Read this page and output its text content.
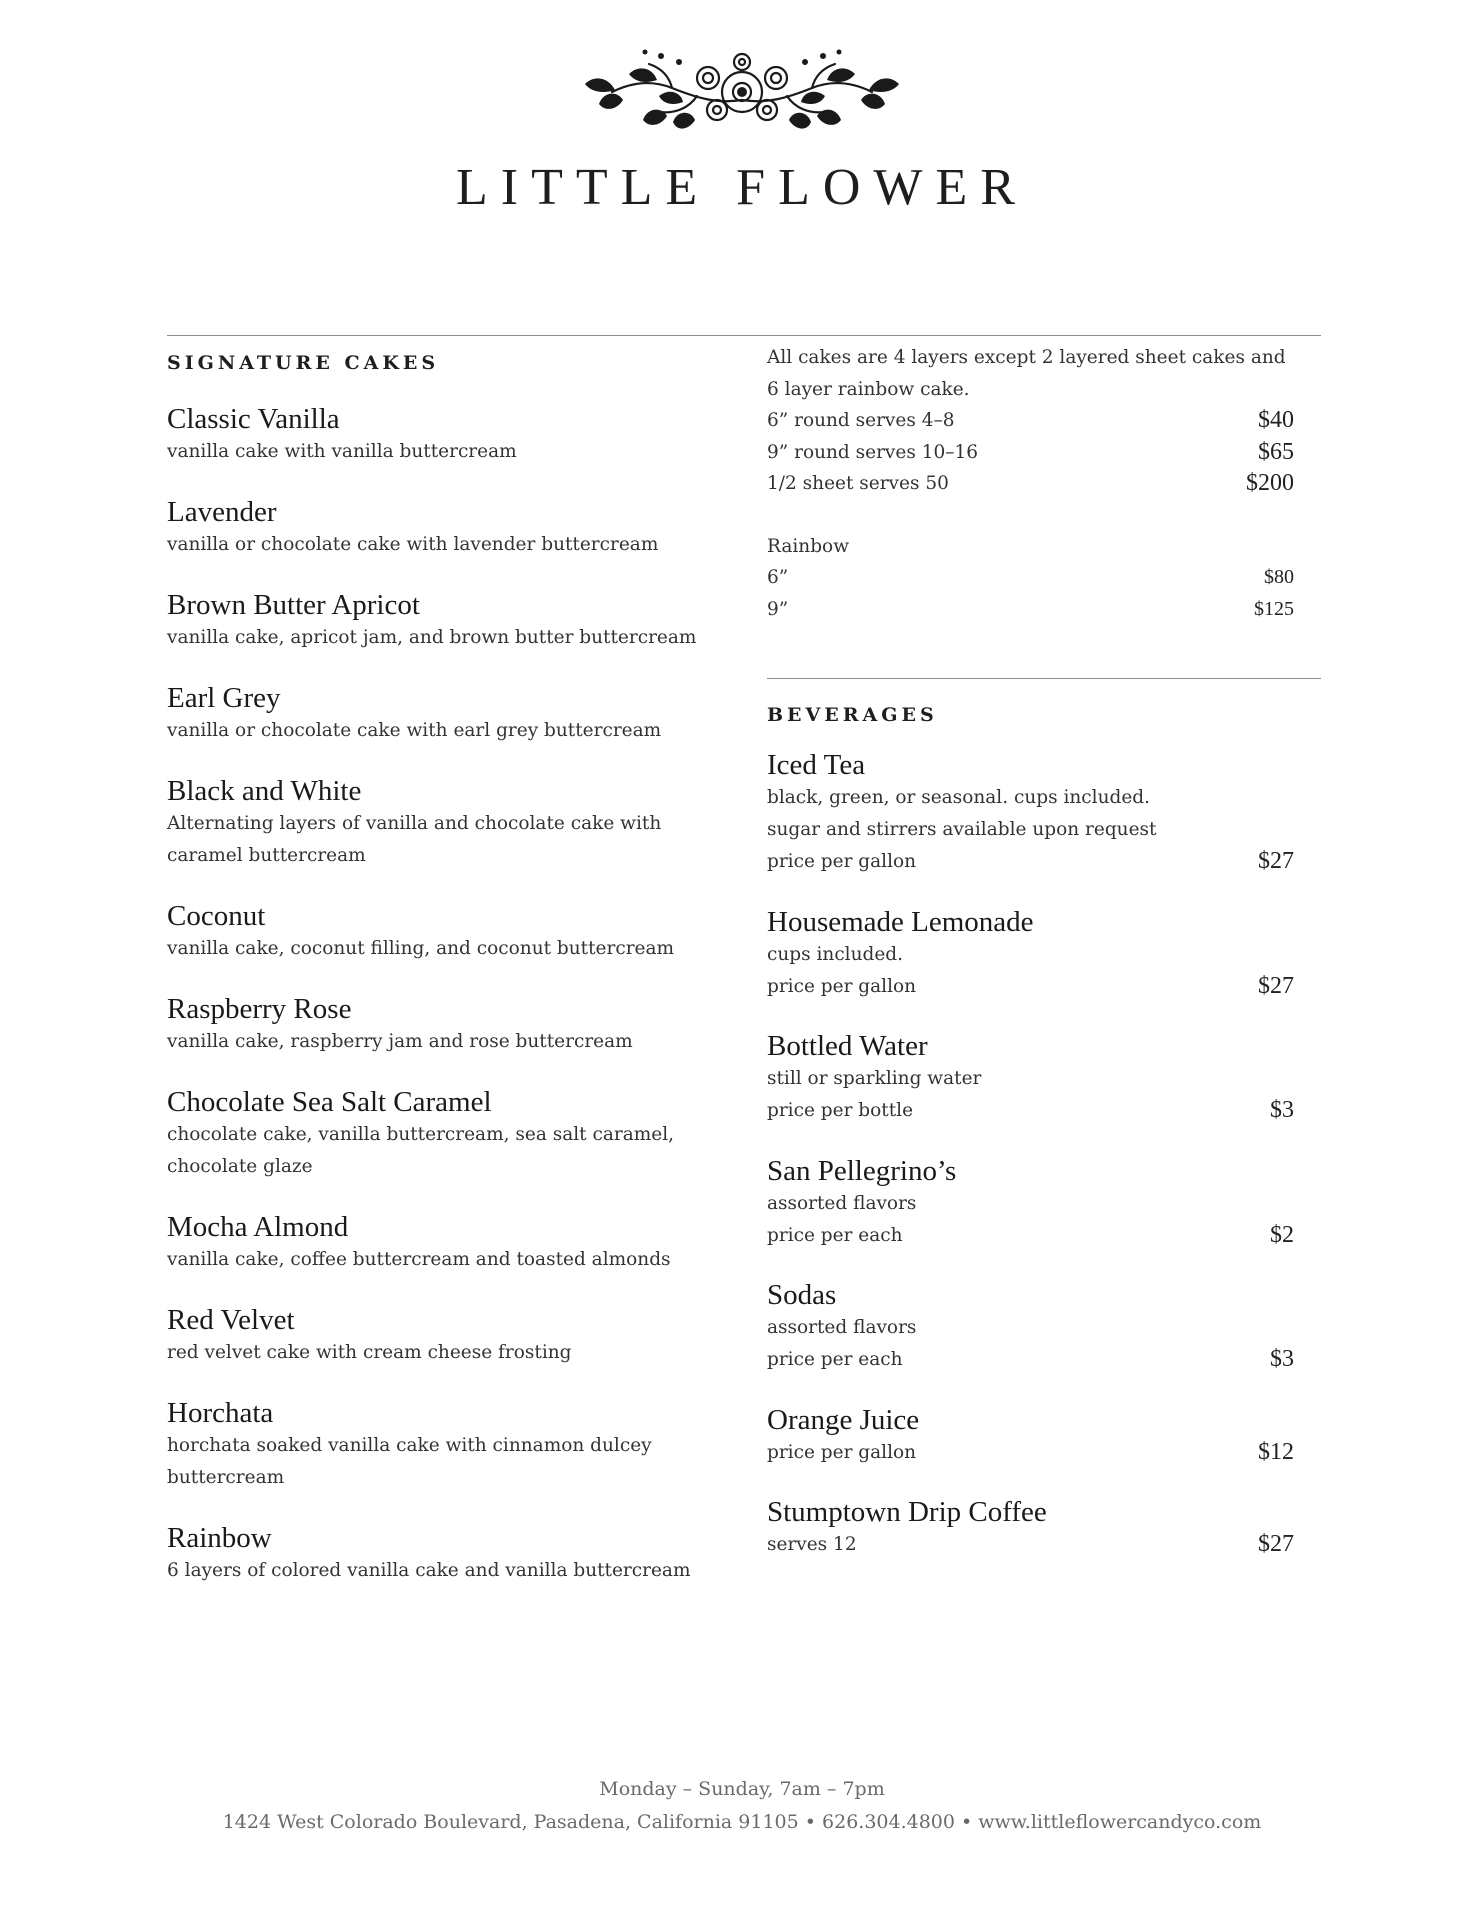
LITTLE FLOWER
SIGNATURE CAKES
Classic Vanilla
vanilla cake with vanilla buttercream
Lavender
vanilla or chocolate cake with lavender buttercream
Brown Butter Apricot
vanilla cake, apricot jam, and brown butter buttercream
Earl Grey
vanilla or chocolate cake with earl grey buttercream
Black and White
Alternating layers of vanilla and chocolate cake with caramel buttercream
Coconut
vanilla cake, coconut filling, and coconut buttercream
Raspberry Rose
vanilla cake, raspberry jam and rose buttercream
Chocolate Sea Salt Caramel
chocolate cake, vanilla buttercream, sea salt caramel, chocolate glaze
Mocha Almond
vanilla cake, coffee buttercream and toasted almonds
Red Velvet
red velvet cake with cream cheese frosting
Horchata
horchata soaked vanilla cake with cinnamon dulcey buttercream
Rainbow
6 layers of colored vanilla cake and vanilla buttercream
All cakes are 4 layers except 2 layered sheet cakes and 6 layer rainbow cake.
6” round serves 4–8	$40
9” round serves 10–16	$65
1/2 sheet serves 50	$200
Rainbow
6”	$80
9”	$125
BEVERAGES
Iced Tea
black, green, or seasonal. cups included. sugar and stirrers available upon request
price per gallon	$27
Housemade Lemonade
cups included.
price per gallon	$27
Bottled Water
still or sparkling water
price per bottle	$3
San Pellegrino’s
assorted flavors
price per each	$2
Sodas
assorted flavors
price per each	$3
Orange Juice
price per gallon	$12
Stumptown Drip Coffee
serves 12	$27
Monday – Sunday, 7am – 7pm
1424 West Colorado Boulevard, Pasadena, California 91105 • 626.304.4800 • www.littleflowercandyco.com
